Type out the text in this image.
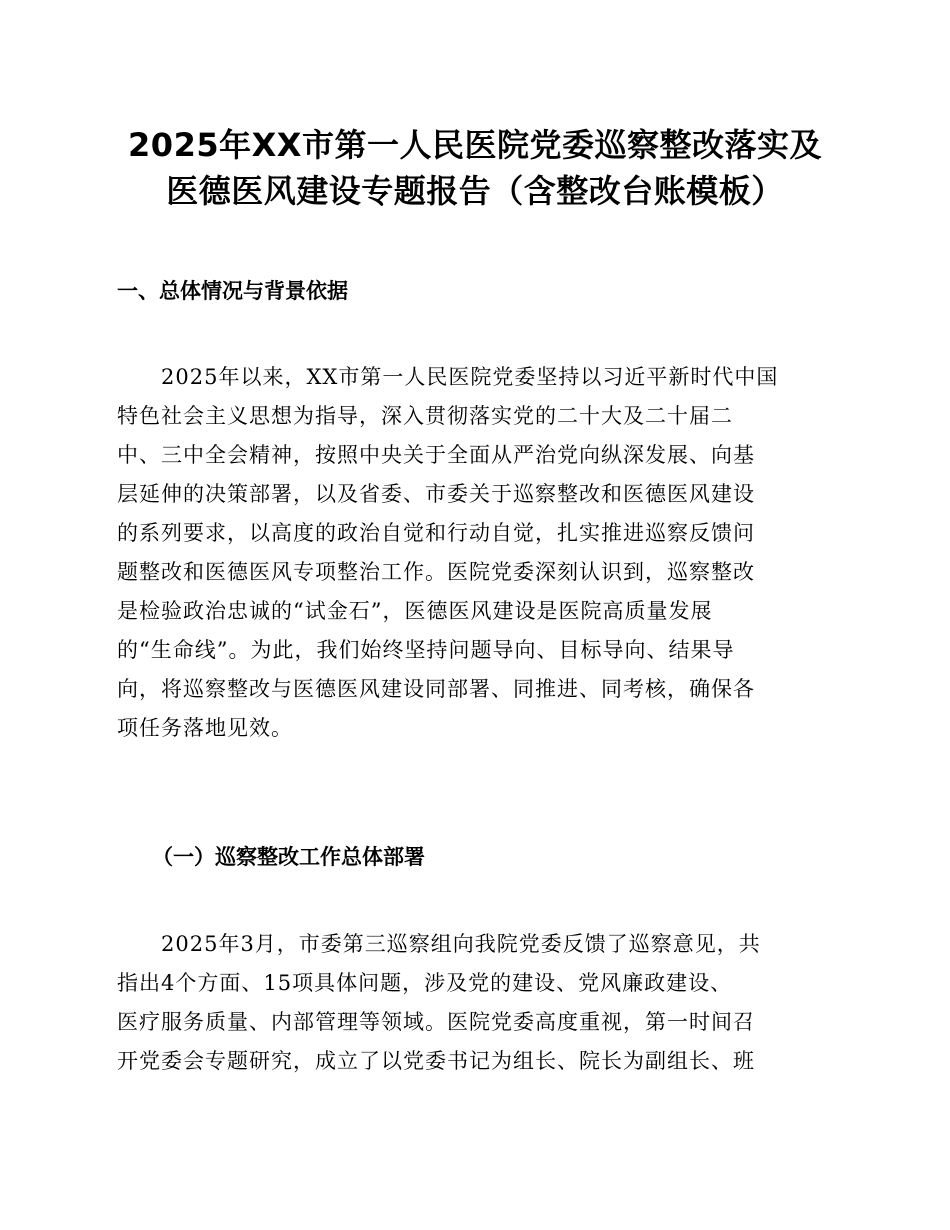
2025年XX市第一人民医院党委巡察整改落实及
医德医风建设专题报告（含整改台账模板）
一、总体情况与背景依据
　　2025年以来，XX市第一人民医院党委坚持以习近平新时代中国
特色社会主义思想为指导，深入贯彻落实党的二十大及二十届二
中、三中全会精神，按照中央关于全面从严治党向纵深发展、向基
层延伸的决策部署，以及省委、市委关于巡察整改和医德医风建设
的系列要求，以高度的政治自觉和行动自觉，扎实推进巡察反馈问
题整改和医德医风专项整治工作。医院党委深刻认识到，巡察整改
是检验政治忠诚的“试金石”，医德医风建设是医院高质量发展
的“生命线”。为此，我们始终坚持问题导向、目标导向、结果导
向，将巡察整改与医德医风建设同部署、同推进、同考核，确保各
项任务落地见效。
（一）巡察整改工作总体部署
　　2025年3月，市委第三巡察组向我院党委反馈了巡察意见，共
指出4个方面、15项具体问题，涉及党的建设、党风廉政建设、
医疗服务质量、内部管理等领域。医院党委高度重视，第一时间召
开党委会专题研究，成立了以党委书记为组长、院长为副组长、班
